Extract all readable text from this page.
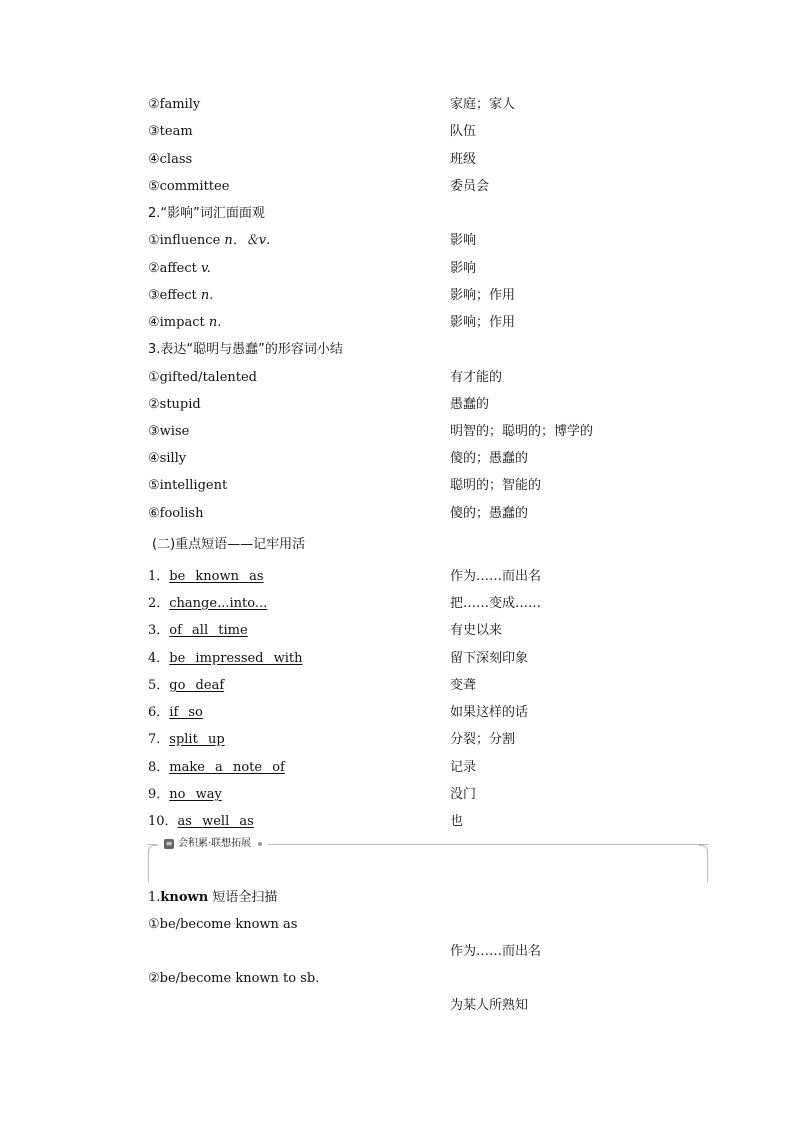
②family	家庭；家人
③team	队伍
④class	班级
⑤committee	委员会
2.“影响”词汇面面观
①influence n．＆v．	影响
②affect v.	影响
③effect n.	影响；作用
④impact n.	影响；作用
3.表达“聪明与愚蠢”的形容词小结
①gifted/talented	有才能的
②stupid	愚蠢的
③wise	明智的；聪明的；博学的
④silly	傻的；愚蠢的
⑤intelligent	聪明的；智能的
⑥foolish	傻的；愚蠢的
(二)重点短语——记牢用活
1．be known as	作为……而出名
2．change...into...	把……变成……
3．of all time	有史以来
4．be impressed with	留下深刻印象
5．go deaf	变聋
6．if so	如果这样的话
7．split up	分裂；分割
8．make a note of	记录
9．no way	没门
10．as well as	也
≡ 会积累·联想拓展
1.known 短语全扫描
①be/become known as
作为……而出名
②be/become known to sb.
为某人所熟知
